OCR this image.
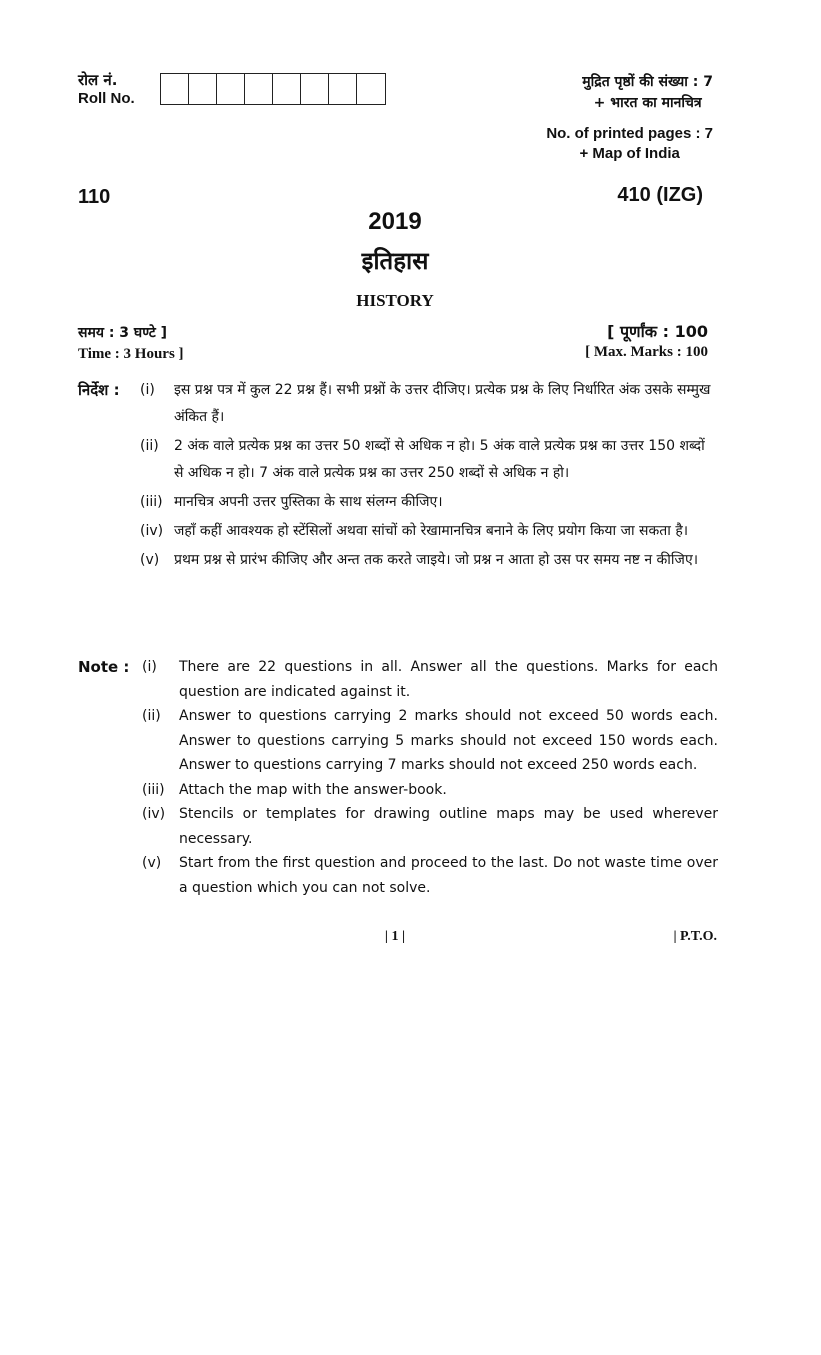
रोल नं.
Roll No.
मुद्रित पृष्ठों की संख्या : 7
+ भारत का मानचित्र
No. of printed pages : 7
+ Map of India
110	410 (IZG)
2019
इतिहास
HISTORY
समय : 3 घण्टे ]
Time : 3 Hours ]
[ पूर्णांक : 100
[ Max. Marks : 100
निर्देश : (i) इस प्रश्न पत्र में कुल 22 प्रश्न हैं। सभी प्रश्नों के उत्तर दीजिए। प्रत्येक प्रश्न के लिए निर्धारित अंक उसके सम्मुख अंकित हैं।
(ii) 2 अंक वाले प्रत्येक प्रश्न का उत्तर 50 शब्दों से अधिक न हो। 5 अंक वाले प्रत्येक प्रश्न का उत्तर 150 शब्दों से अधिक न हो। 7 अंक वाले प्रत्येक प्रश्न का उत्तर 250 शब्दों से अधिक न हो।
(iii) मानचित्र अपनी उत्तर पुस्तिका के साथ संलग्न कीजिए।
(iv) जहाँ कहीं आवश्यक हो स्टेंसिलों अथवा सांचों को रेखामानचित्र बनाने के लिए प्रयोग किया जा सकता है।
(v) प्रथम प्रश्न से प्रारंभ कीजिए और अन्त तक करते जाइये। जो प्रश्न न आता हो उस पर समय नष्ट न कीजिए।
Note : (i) There are 22 questions in all. Answer all the questions. Marks for each question are indicated against it.
(ii) Answer to questions carrying 2 marks should not exceed 50 words each. Answer to questions carrying 5 marks should not exceed 150 words each. Answer to questions carrying 7 marks should not exceed 250 words each.
(iii) Attach the map with the answer-book.
(iv) Stencils or templates for drawing outline maps may be used wherever necessary.
(v) Start from the first question and proceed to the last. Do not waste time over a question which you can not solve.
| 1 |	| P.T.O.
